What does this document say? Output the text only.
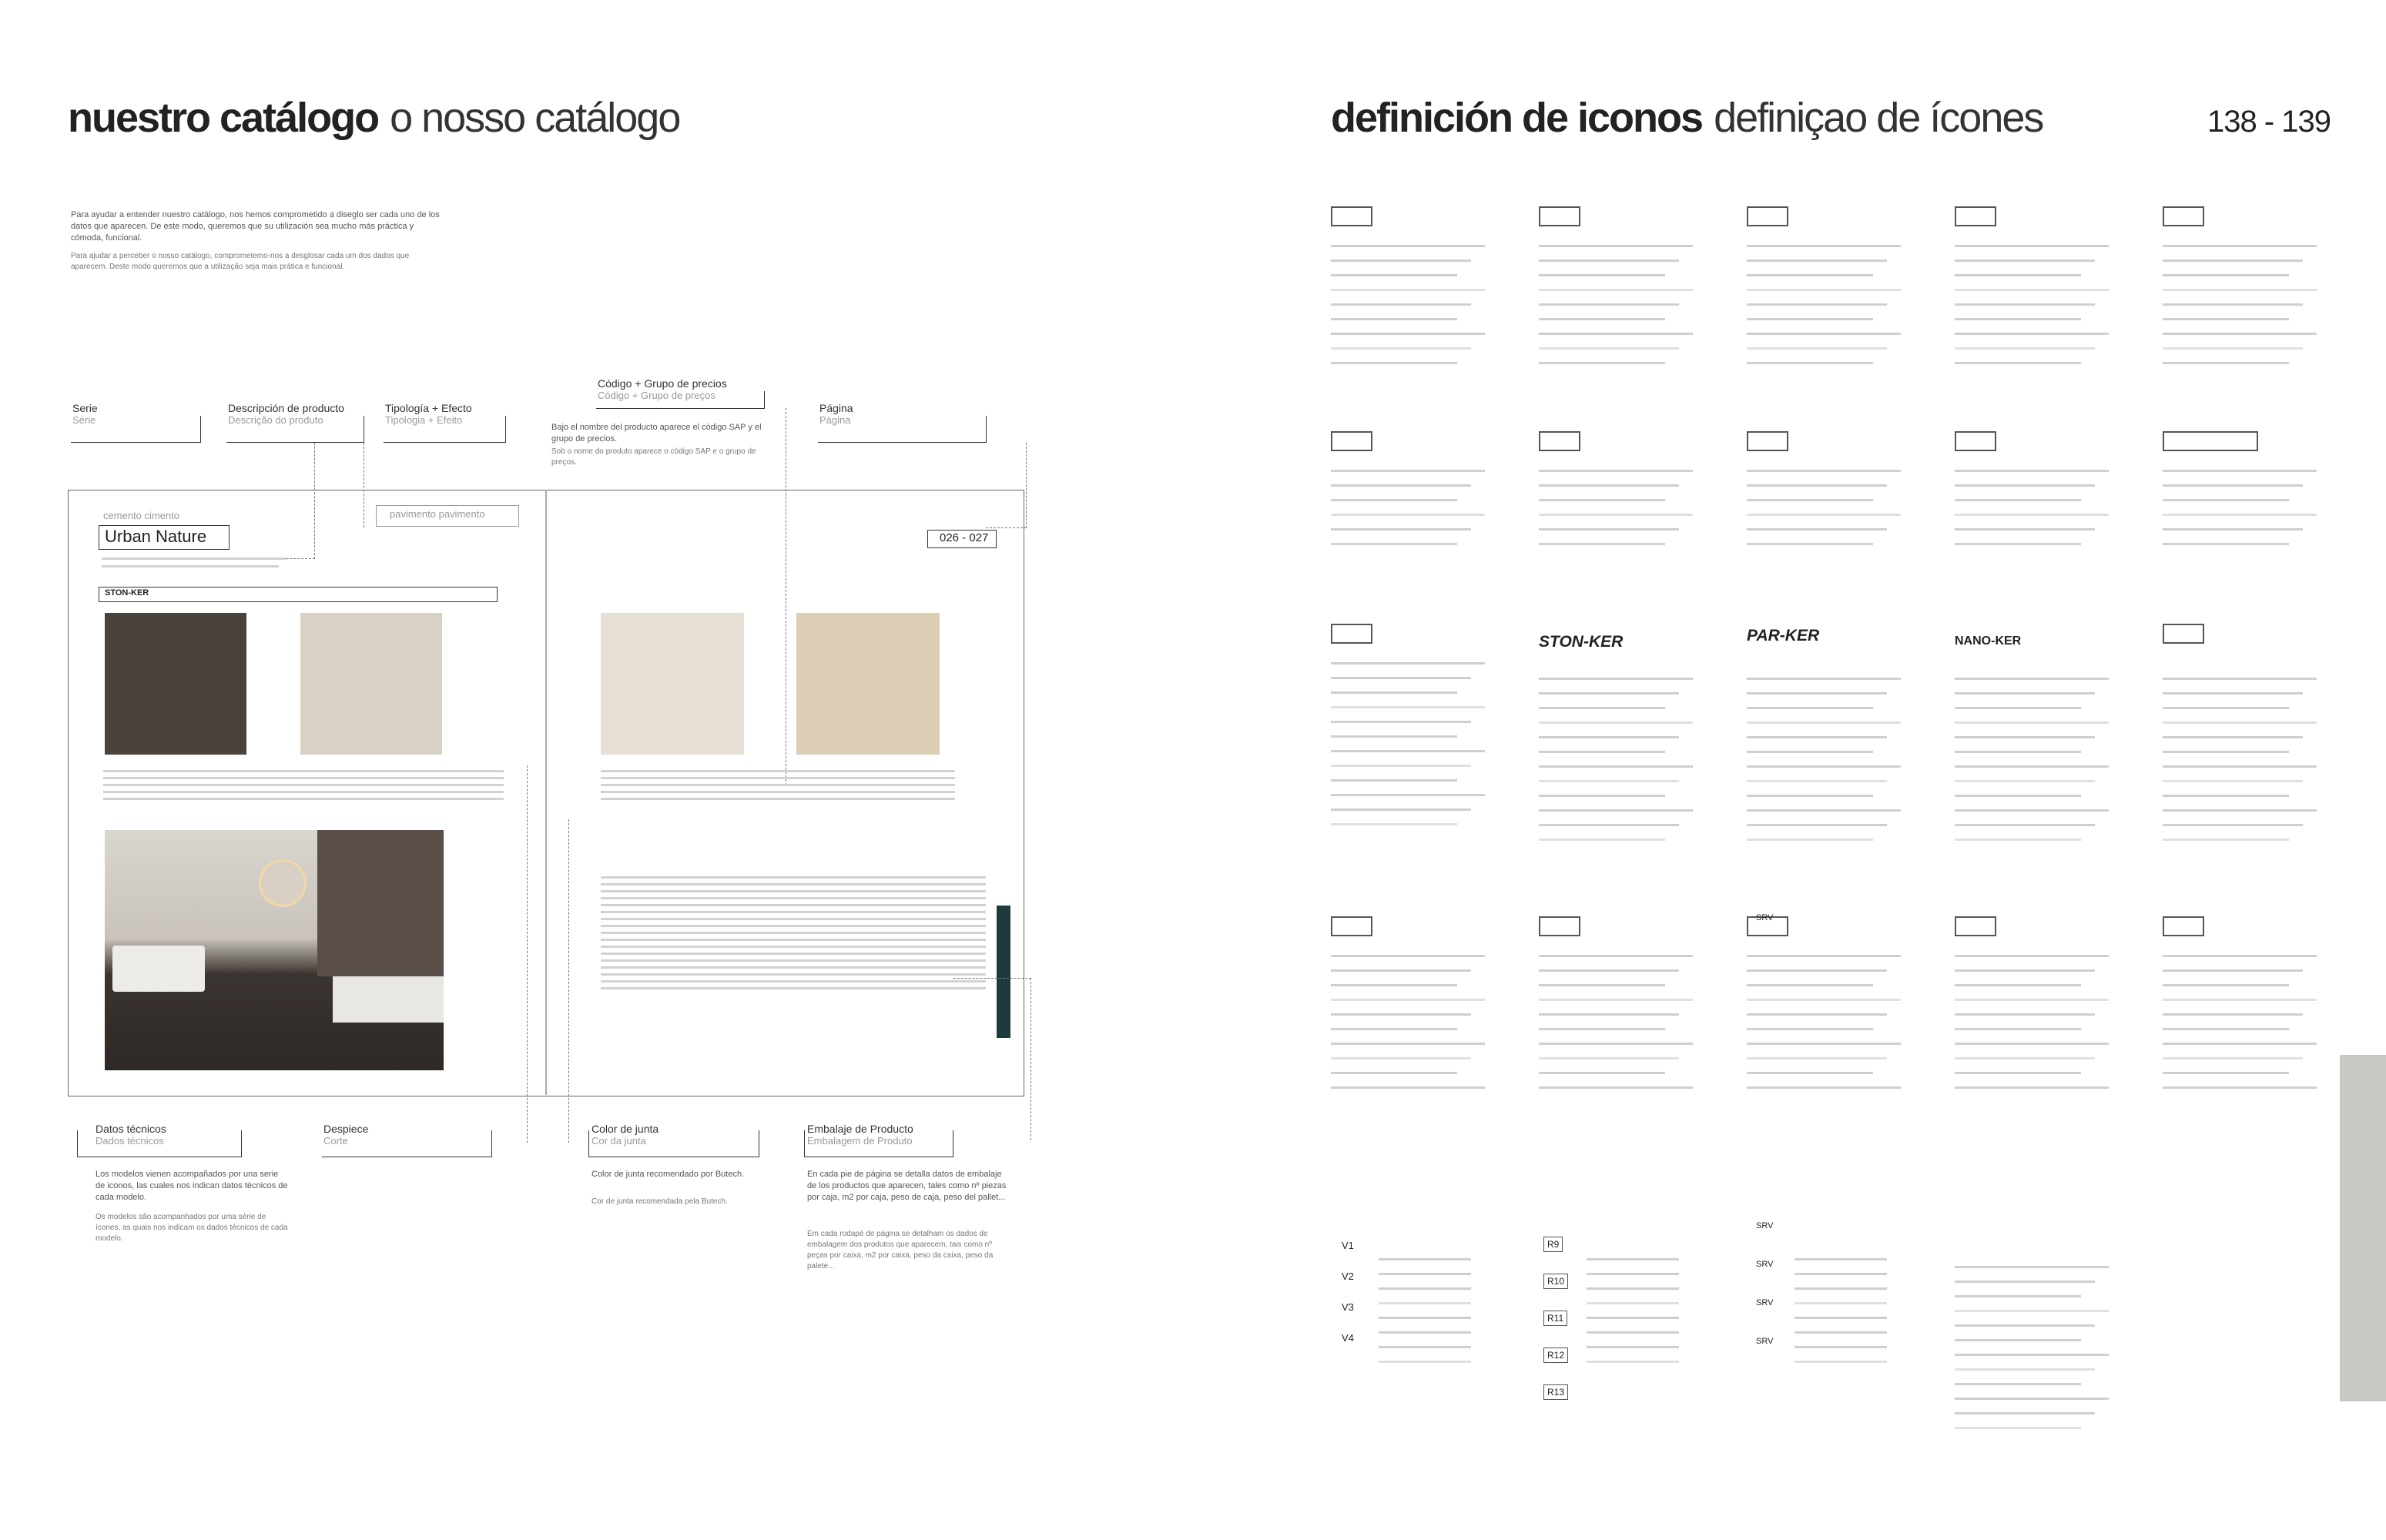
nuestro catálogo o nosso catálogo
Para ayudar a entender nuestro catálogo, nos hemos comprometido a diseglo ser cada uno de los datos que aparecen. De este modo, queremos que su utilización sea mucho más práctica y cómoda, funcional.
Para ajudar a perceber o nosso catálogo, comprometemo-nos a desglosar cada um dos dados que aparecem. Deste modo queremos que a utilização seja mais prática e funcional.
Serie
Série
Descripción de producto
Descrição do produto
Tipología + Efecto
Tipologia + Efeito
Código + Grupo de precios
Código + Grupo de preços
Bajo el nombre del producto aparece el código SAP y el grupo de precios.
Sob o nome do produto aparece o código SAP e o grupo de preços.
Página
Página
cemento cimento
Urban Nature
pavimento pavimento
026 - 027
STON-KER
Datos técnicos
Dados técnicos
Los modelos vienen acompañados por una serie de iconos, las cuales nos indican datos técnicos de cada modelo.
Os modelos são acompanhados por uma série de ícones, as quais nos indicam os dados técnicos de cada modelo.
Despiece
Corte
Color de junta
Cor da junta
Color de junta recomendado por Butech.
Cor de junta recomendada pela Butech.
Embalaje de Producto
Embalagem de Produto
En cada pie de página se detalla datos de embalaje de los productos que aparecen, tales como nº piezas por caja, m2 por caja, peso de caja, peso del pallet...
Em cada rodapé de página se detalham os dados de embalagem dos produtos que aparecem, tais como nº peças por caixa, m2 por caixa, peso da caixa, peso da palete...
definición de iconos definiçao de ícones	138 - 139
STON-KER	PAR-KER	NANO-KER
V1
V2
V3
V4
R9
R10
R11
R12
R13
SRV
SRV
SRV
SRV
SRV
